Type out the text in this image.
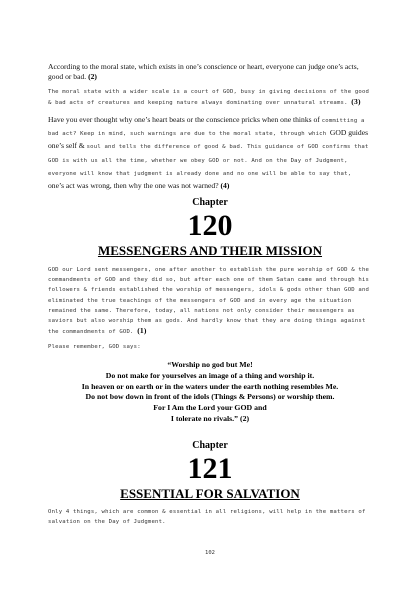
According to the moral state, which exists in one’s conscience or heart, everyone can judge one’s acts, good or bad. (2)

The moral state with a wider scale is a court of GOD, busy in giving decisions of the good & bad acts of creatures and keeping nature always dominating over unnatural streams. (3)

Have you ever thought why one’s heart beats or the conscience pricks when one thinks of committing a bad act? Keep in mind, such warnings are due to the moral state, through which GOD guides one’s self & soul and tells the difference of good & bad. This guidance of GOD confirms that GOD is with us all the time, whether we obey GOD or not. And on the Day of Judgment, everyone will know that judgment is already done and no one will be able to say that, one’s act was wrong, then why the one was not warned? (4)

Chapter
120
MESSENGERS AND THEIR MISSION

GOD our Lord sent messengers, one after another to establish the pure worship of GOD & the commandments of GOD and they did so, but after each one of them Satan came and through his followers & friends established the worship of messengers, idols & gods other than GOD and eliminated the true teachings of the messengers of GOD and in every age the situation remained the same. Therefore, today, all nations not only consider their messengers as saviors but also worship them as gods. And hardly know that they are doing things against the commandments of GOD. (1)

Please remember, GOD says:

“Worship no god but Me!
Do not make for yourselves an image of a thing and worship it.
In heaven or on earth or in the waters under the earth nothing resembles Me.
Do not bow down in front of the idols (Things & Persons) or worship them.
For I Am the Lord your GOD and
I tolerate no rivals.” (2)
Chapter
121
ESSENTIAL FOR SALVATION

Only 4 things, which are common & essential in all religions, will help in the matters of salvation on the Day of Judgment.

102
